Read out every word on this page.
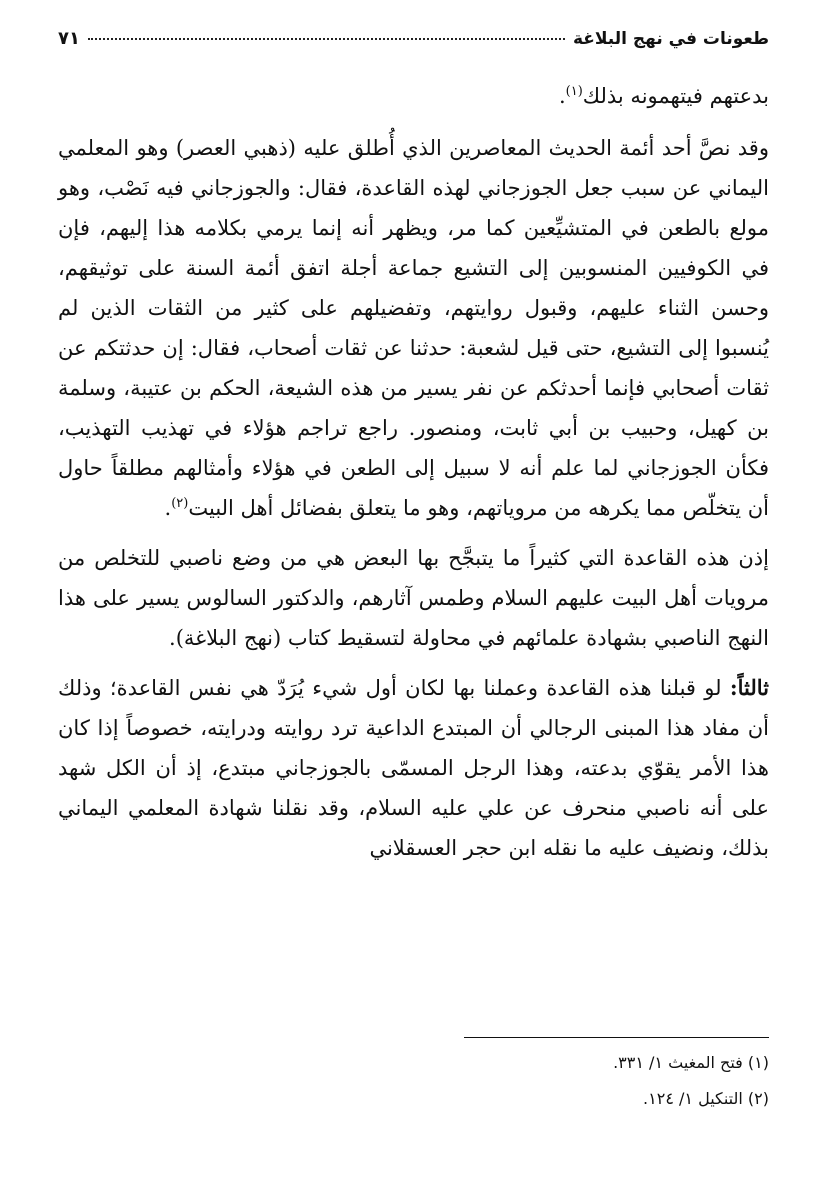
طعونات في نهج البلاغة
٧١

بدعتهم فيتهمونه بذلك$^{(١)}$.

وقد نصَّ أحد أئمة الحديث المعاصرين الذي أُطلق عليه (ذهبي العصر) وهو المعلمي اليماني عن سبب جعل الجوزجاني لهذه القاعدة، فقال: والجوزجاني فيه نَصْب، وهو مولع بالطعن في المتشيِّعين كما مر، ويظهر أنه إنما يرمي بكلامه هذا إليهم، فإن في الكوفيين المنسوبين إلى التشيع جماعة أجلة اتفق أئمة السنة على توثيقهم، وحسن الثناء عليهم، وقبول روايتهم، وتفضيلهم على كثير من الثقات الذين لم يُنسبوا إلى التشيع، حتى قيل لشعبة: حدثنا عن ثقات أصحاب، فقال: إن حدثتكم عن ثقات أصحابي فإنما أحدثكم عن نفر يسير من هذه الشيعة، الحكم بن عتيبة، وسلمة بن كهيل، وحبيب بن أبي ثابت، ومنصور. راجع تراجم هؤلاء في تهذيب التهذيب، فكأن الجوزجاني لما علم أنه لا سبيل إلى الطعن في هؤلاء وأمثالهم مطلقاً حاول أن يتخلّص مما يكرهه من مروياتهم، وهو ما يتعلق بفضائل أهل البيت$^{(٢)}$.

إذن هذه القاعدة التي كثيراً ما يتبجَّح بها البعض هي من وضع ناصبي للتخلص من مرويات أهل البيت عليهم السلام وطمس آثارهم، والدكتور السالوس يسير على هذا النهج الناصبي بشهادة علمائهم في محاولة لتسقيط كتاب (نهج البلاغة).

ثالثاً: لو قبلنا هذه القاعدة وعملنا بها لكان أول شيء يُرَدّ هي نفس القاعدة؛ وذلك أن مفاد هذا المبنى الرجالي أن المبتدع الداعية ترد روايته ودرايته، خصوصاً إذا كان هذا الأمر يقوّي بدعته، وهذا الرجل المسمّى بالجوزجاني مبتدع، إذ أن الكل شهد على أنه ناصبي منحرف عن علي عليه السلام، وقد نقلنا شهادة المعلمي اليماني بذلك، ونضيف عليه ما نقله ابن حجر العسقلاني

(١) فتح المغيث ١/ ٣٣١.

(٢) التنكيل ١/ ١٢٤.
